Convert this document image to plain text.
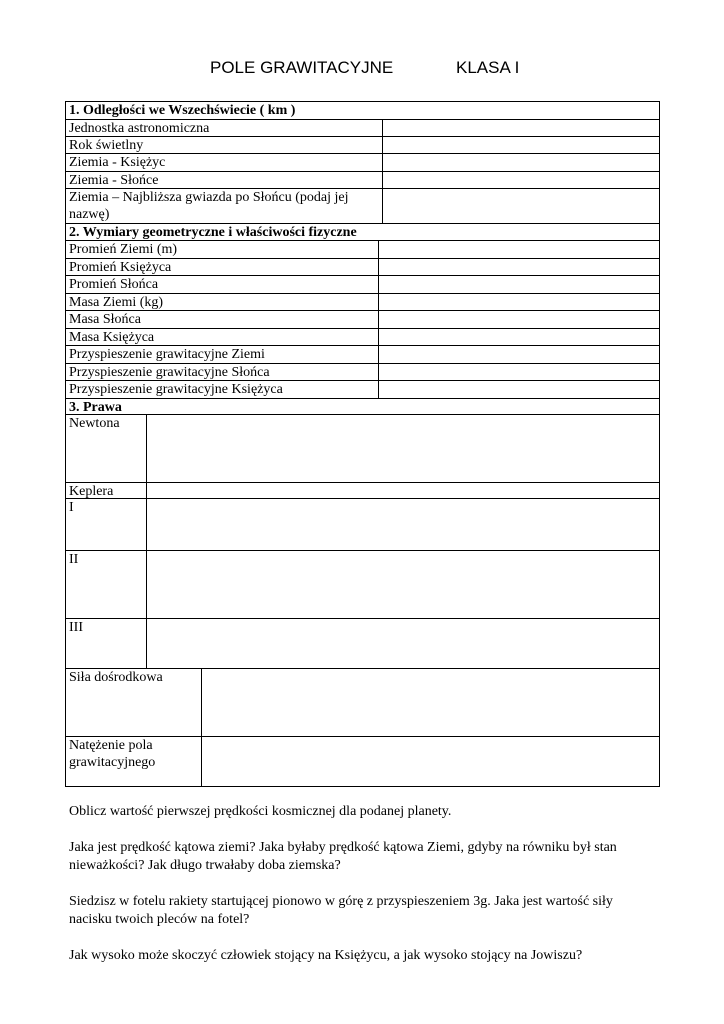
POLE GRAWITACYJNE	KLASA I
1. Odległości we Wszechświecie ( km )
Jednostka astronomiczna
Rok świetlny
Ziemia - Księżyc
Ziemia - Słońce
Ziemia – Najbliższa gwiazda po Słońcu (podaj jej nazwę)
2. Wymiary geometryczne i właściwości fizyczne
Promień Ziemi (m)
Promień Księżyca
Promień Słońca
Masa Ziemi (kg)
Masa Słońca
Masa Księżyca
Przyspieszenie grawitacyjne Ziemi
Przyspieszenie grawitacyjne Słońca
Przyspieszenie grawitacyjne Księżyca
3. Prawa
Newtona
Keplera
I
II
III
Siła dośrodkowa
Natężenie pola grawitacyjnego

Oblicz wartość pierwszej prędkości kosmicznej dla podanej planety.

Jaka jest prędkość kątowa ziemi? Jaka byłaby prędkość kątowa Ziemi, gdyby na równiku był stan nieważkości? Jak długo trwałaby doba ziemska?

Siedzisz w fotelu rakiety startującej pionowo w górę z przyspieszeniem 3g. Jaka jest wartość siły nacisku twoich pleców na fotel?

Jak wysoko może skoczyć człowiek stojący na Księżycu, a jak wysoko stojący na Jowiszu?
